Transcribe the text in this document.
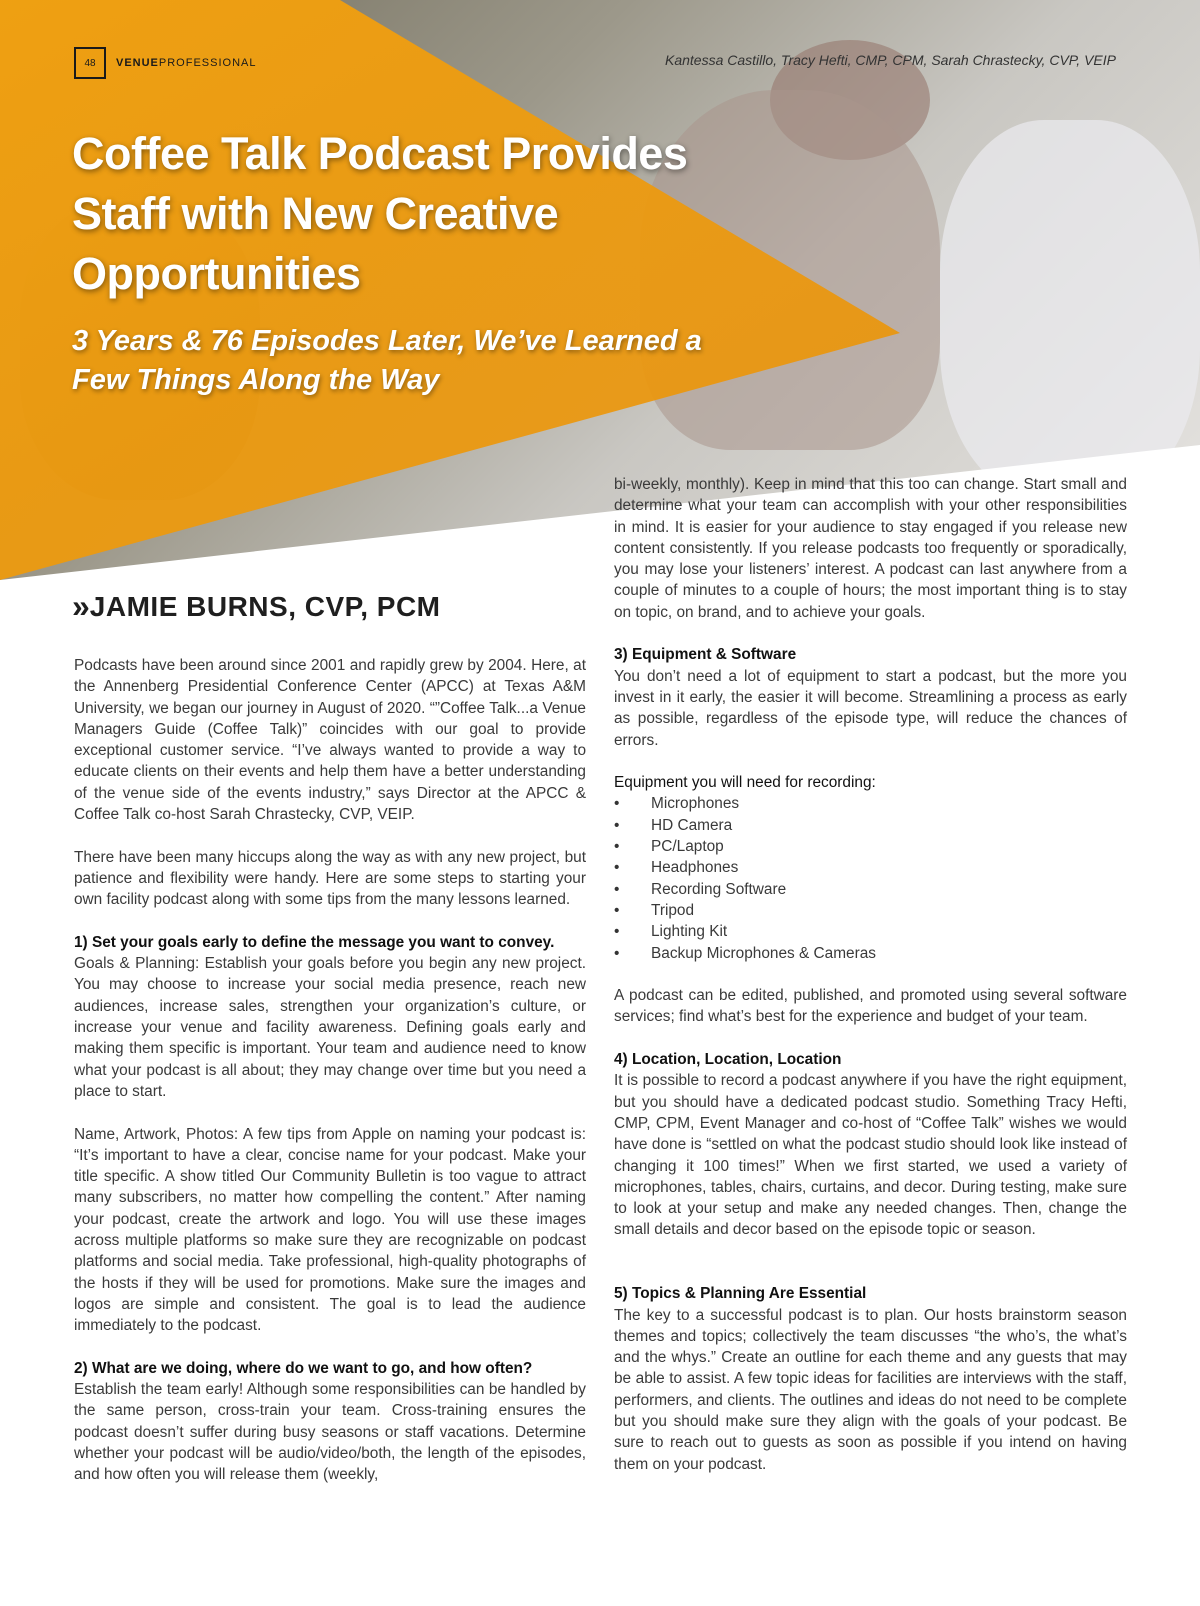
48	VENUEPROFESSIONAL	Kantessa Castillo, Tracy Hefti, CMP, CPM, Sarah Chrastecky, CVP, VEIP
Coffee Talk Podcast Provides Staff with New Creative Opportunities
3 Years & 76 Episodes Later, We’ve Learned a Few Things Along the Way
» JAMIE BURNS, CVP, PCM

Podcasts have been around since 2001 and rapidly grew by 2004. Here, at the Annenberg Presidential Conference Center (APCC) at Texas A&M University, we began our journey in August of 2020. “”Coffee Talk...a Venue Managers Guide (Coffee Talk)” coincides with our goal to provide exceptional customer service. “I’ve always wanted to provide a way to educate clients on their events and help them have a better understanding of the venue side of the events industry,” says Director at the APCC & Coffee Talk co-host Sarah Chrastecky, CVP, VEIP.

There have been many hiccups along the way as with any new project, but patience and flexibility were handy. Here are some steps to starting your own facility podcast along with some tips from the many lessons learned.

1) Set your goals early to define the message you want to convey.

Goals & Planning: Establish your goals before you begin any new project. You may choose to increase your social media presence, reach new audiences, increase sales, strengthen your organization’s culture, or increase your venue and facility awareness. Defining goals early and making them specific is important. Your team and audience need to know what your podcast is all about; they may change over time but you need a place to start.

Name, Artwork, Photos: A few tips from Apple on naming your podcast is: “It’s important to have a clear, concise name for your podcast. Make your title specific. A show titled Our Community Bulletin is too vague to attract many subscribers, no matter how compelling the content.” After naming your podcast, create the artwork and logo. You will use these images across multiple platforms so make sure they are recognizable on podcast platforms and social media. Take professional, high-quality photographs of the hosts if they will be used for promotions. Make sure the images and logos are simple and consistent. The goal is to lead the audience immediately to the podcast.

2) What are we doing, where do we want to go, and how often?

Establish the team early! Although some responsibilities can be handled by the same person, cross-train your team. Cross-training ensures the podcast doesn’t suffer during busy seasons or staff vacations. Determine whether your podcast will be audio/video/both, the length of the episodes, and how often you will release them (weekly,

bi-weekly, monthly). Keep in mind that this too can change. Start small and determine what your team can accomplish with your other responsibilities in mind. It is easier for your audience to stay engaged if you release new content consistently. If you release podcasts too frequently or sporadically, you may lose your listeners’ interest. A podcast can last anywhere from a couple of minutes to a couple of hours; the most important thing is to stay on topic, on brand, and to achieve your goals.

3) Equipment & Software

You don’t need a lot of equipment to start a podcast, but the more you invest in it early, the easier it will become. Streamlining a process as early as possible, regardless of the episode type, will reduce the chances of errors.

Equipment you will need for recording:
• Microphones
• HD Camera
• PC/Laptop
• Headphones
• Recording Software
• Tripod
• Lighting Kit
• Backup Microphones & Cameras

A podcast can be edited, published, and promoted using several software services; find what’s best for the experience and budget of your team.

4) Location, Location, Location

It is possible to record a podcast anywhere if you have the right equipment, but you should have a dedicated podcast studio. Something Tracy Hefti, CMP, CPM, Event Manager and co-host of “Coffee Talk” wishes we would have done is “settled on what the podcast studio should look like instead of changing it 100 times!” When we first started, we used a variety of microphones, tables, chairs, curtains, and decor. During testing, make sure to look at your setup and make any needed changes. Then, change the small details and decor based on the episode topic or season.

5) Topics & Planning Are Essential

The key to a successful podcast is to plan. Our hosts brainstorm season themes and topics; collectively the team discusses “the who’s, the what’s and the whys.” Create an outline for each theme and any guests that may be able to assist. A few topic ideas for facilities are interviews with the staff, performers, and clients. The outlines and ideas do not need to be complete but you should make sure they align with the goals of your podcast. Be sure to reach out to guests as soon as possible if you intend on having them on your podcast.
